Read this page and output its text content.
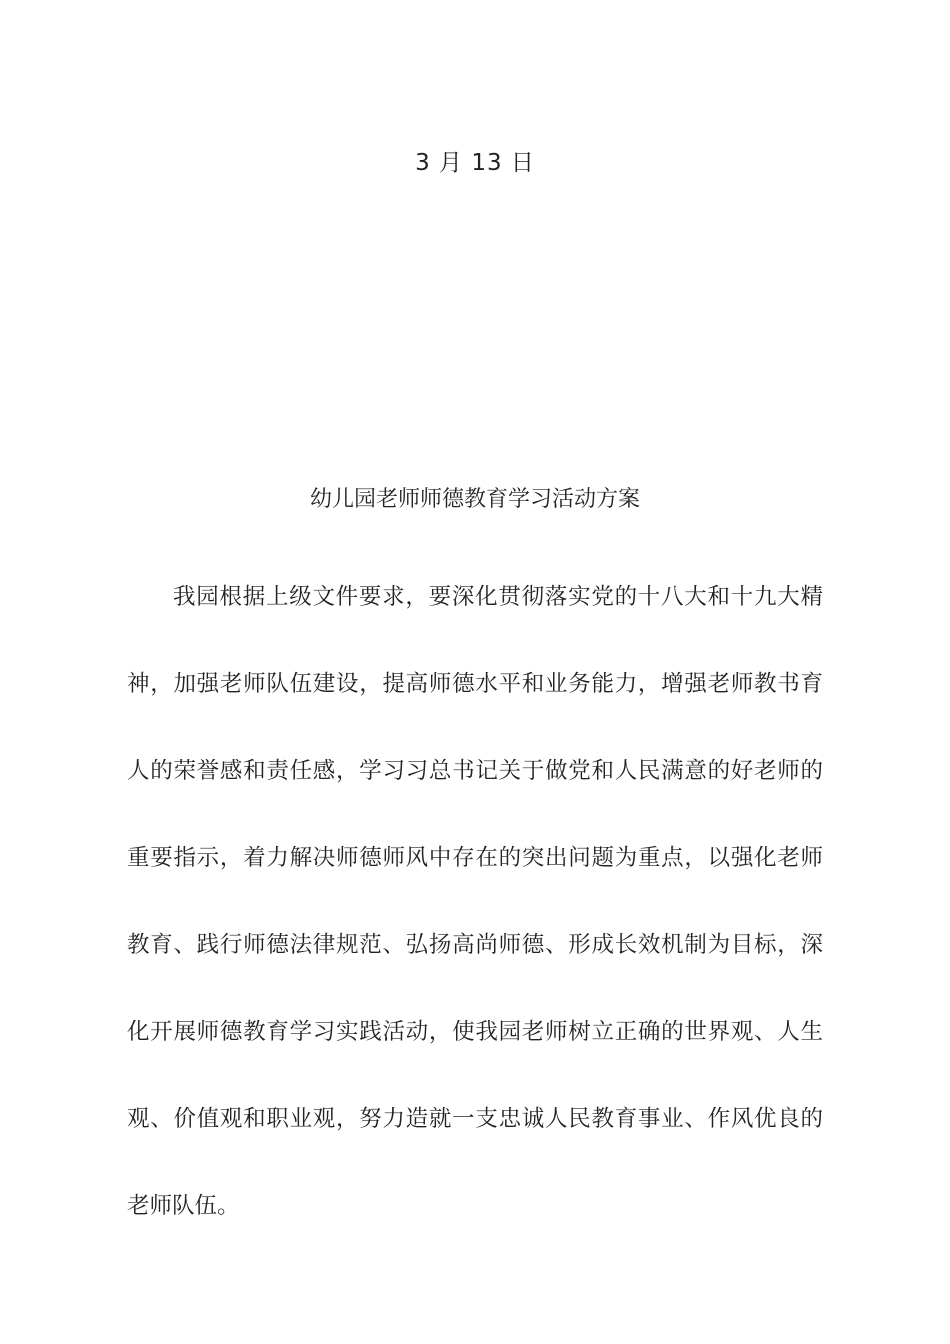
3 月 13 日
幼儿园老师师德教育学习活动方案

我园根据上级文件要求，要深化贯彻落实党的十八大和十九大精神，加强老师队伍建设，提高师德水平和业务能力，增强老师教书育人的荣誉感和责任感，学习习总书记关于做党和人民满意的好老师的重要指示，着力解决师德师风中存在的突出问题为重点，以强化老师教育、践行师德法律规范、弘扬高尚师德、形成长效机制为目标，深化开展师德教育学习实践活动，使我园老师树立正确的世界观、人生观、价值观和职业观，努力造就一支忠诚人民教育事业、作风优良的老师队伍。
